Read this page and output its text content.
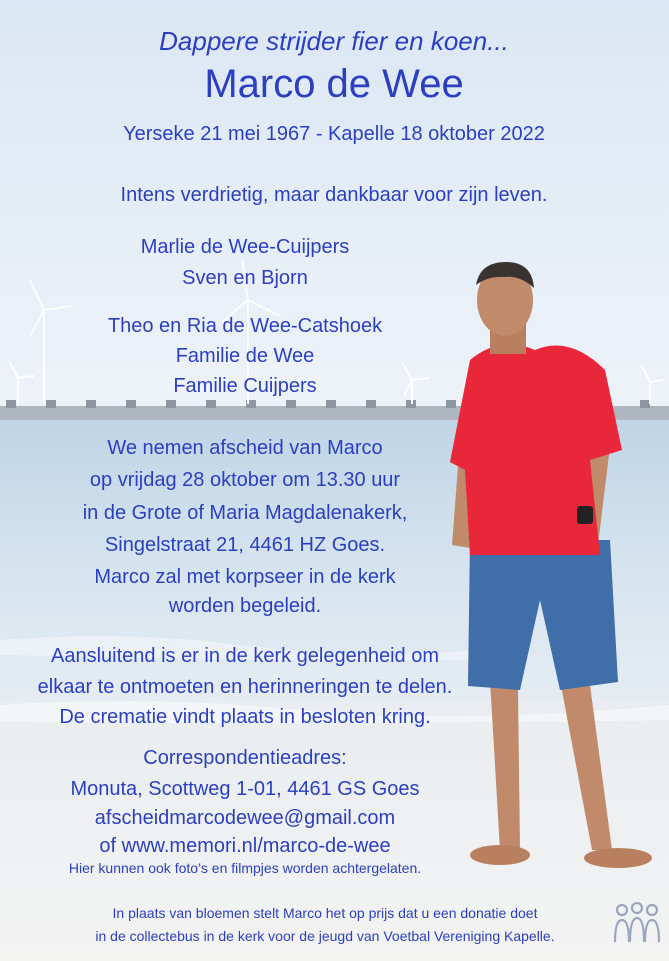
Dappere strijder fier en koen...
Marco de Wee
Yerseke 21 mei 1967 - Kapelle 18 oktober 2022
Intens verdrietig, maar dankbaar voor zijn leven.
Marlie de Wee-Cuijpers
Sven en Bjorn
Theo en Ria de Wee-Catshoek
Familie de Wee
Familie Cuijpers
We nemen afscheid van Marco
op vrijdag 28 oktober om 13.30 uur
in de Grote of Maria Magdalenakerk,
Singelstraat 21, 4461 HZ Goes.
Marco zal met korpseer in de kerk
worden begeleid.
Aansluitend is er in de kerk gelegenheid om
elkaar te ontmoeten en herinneringen te delen.
De crematie vindt plaats in besloten kring.
Correspondentieadres:
Monuta, Scottweg 1-01, 4461 GS Goes
afscheidmarcodewee@gmail.com
of www.memori.nl/marco-de-wee
Hier kunnen ook foto’s en filmpjes worden achtergelaten.
In plaats van bloemen stelt Marco het op prijs dat u een donatie doet
in de collectebus in de kerk voor de jeugd van Voetbal Vereniging Kapelle.
